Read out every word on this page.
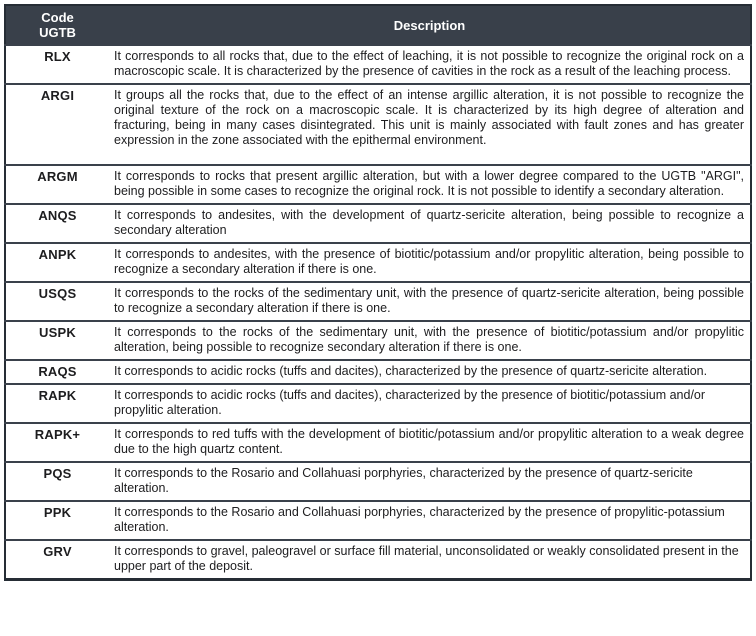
Code
UGTB	Description
RLX	It corresponds to all rocks that, due to the effect of leaching, it is not possible to recognize the original rock on a macroscopic scale. It is characterized by the presence of cavities in the rock as a result of the leaching process.
ARGI	It groups all the rocks that, due to the effect of an intense argillic alteration, it is not possible to recognize the original texture of the rock on a macroscopic scale. It is characterized by its high degree of alteration and fracturing, being in many cases disintegrated. This unit is mainly associated with fault zones and has greater expression in the zone associated with the epithermal environment.
ARGM	It corresponds to rocks that present argillic alteration, but with a lower degree compared to the UGTB "ARGI", being possible in some cases to recognize the original rock. It is not possible to identify a secondary alteration.
ANQS	It corresponds to andesites, with the development of quartz-sericite alteration, being possible to recognize a secondary alteration
ANPK	It corresponds to andesites, with the presence of biotitic/potassium and/or propylitic alteration, being possible to recognize a secondary alteration if there is one.
USQS	It corresponds to the rocks of the sedimentary unit, with the presence of quartz-sericite alteration, being possible to recognize a secondary alteration if there is one.
USPK	It corresponds to the rocks of the sedimentary unit, with the presence of biotitic/potassium and/or propylitic alteration, being possible to recognize secondary alteration if there is one.
RAQS	It corresponds to acidic rocks (tuffs and dacites), characterized by the presence of quartz-sericite alteration.
RAPK	It corresponds to acidic rocks (tuffs and dacites), characterized by the presence of biotitic/potassium and/or propylitic alteration.
RAPK+	It corresponds to red tuffs with the development of biotitic/potassium and/or propylitic alteration to a weak degree due to the high quartz content.
PQS	It corresponds to the Rosario and Collahuasi porphyries, characterized by the presence of quartz-sericite alteration.
PPK	It corresponds to the Rosario and Collahuasi porphyries, characterized by the presence of propylitic-potassium alteration.
GRV	It corresponds to gravel, paleogravel or surface fill material, unconsolidated or weakly consolidated present in the upper part of the deposit.
